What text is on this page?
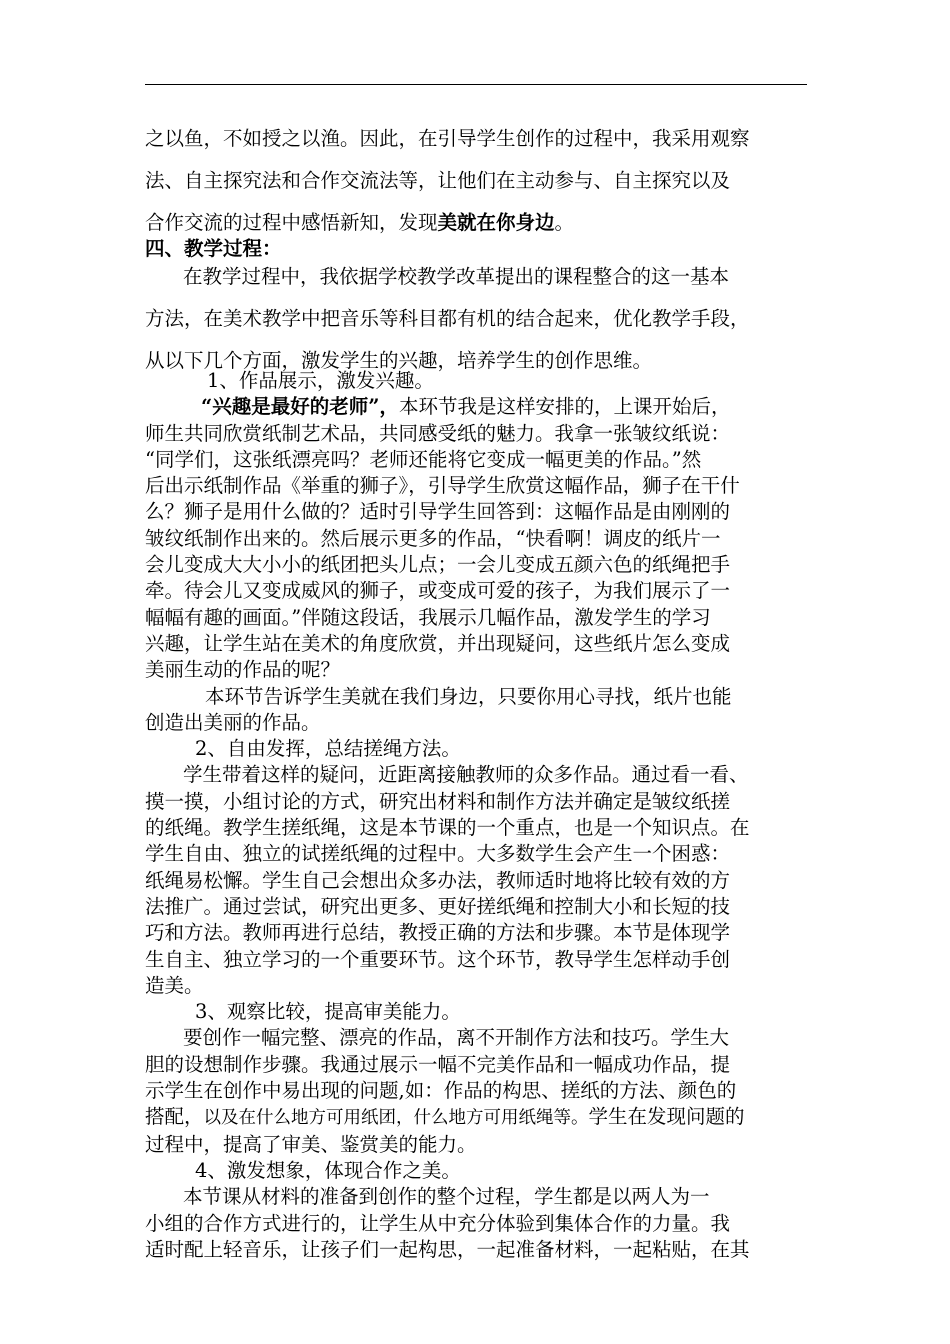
之以鱼，不如授之以渔。因此，在引导学生创作的过程中，我采用观察
法、自主探究法和合作交流法等，让他们在主动参与、自主探究以及
合作交流的过程中感悟新知，发现美就在你身边。
四、教学过程：
在教学过程中，我依据学校教学改革提出的课程整合的这一基本
方法，在美术教学中把音乐等科目都有机的结合起来，优化教学手段，
从以下几个方面，激发学生的兴趣，培养学生的创作思维。
1、作品展示，激发兴趣。
“兴趣是最好的老师”，本环节我是这样安排的，上课开始后，
师生共同欣赏纸制艺术品，共同感受纸的魅力。我拿一张皱纹纸说：
“同学们，这张纸漂亮吗？老师还能将它变成一幅更美的作品。”然
后出示纸制作品《举重的狮子》，引导学生欣赏这幅作品，狮子在干什
么？狮子是用什么做的？适时引导学生回答到：这幅作品是由刚刚的
皱纹纸制作出来的。然后展示更多的作品，“快看啊！调皮的纸片一
会儿变成大大小小的纸团把头儿点；一会儿变成五颜六色的纸绳把手
牵。待会儿又变成威风的狮子，或变成可爱的孩子，为我们展示了一
幅幅有趣的画面。”伴随这段话，我展示几幅作品，激发学生的学习
兴趣，让学生站在美术的角度欣赏，并出现疑问，这些纸片怎么变成
美丽生动的作品的呢？
本环节告诉学生美就在我们身边，只要你用心寻找，纸片也能
创造出美丽的作品。
2、自由发挥，总结搓绳方法。
学生带着这样的疑问，近距离接触教师的众多作品。通过看一看、
摸一摸，小组讨论的方式，研究出材料和制作方法并确定是皱纹纸搓
的纸绳。教学生搓纸绳，这是本节课的一个重点，也是一个知识点。在
学生自由、独立的试搓纸绳的过程中。大多数学生会产生一个困惑：
纸绳易松懈。学生自己会想出众多办法，教师适时地将比较有效的方
法推广。通过尝试，研究出更多、更好搓纸绳和控制大小和长短的技
巧和方法。教师再进行总结，教授正确的方法和步骤。本节是体现学
生自主、独立学习的一个重要环节。这个环节，教导学生怎样动手创
造美。
3、观察比较，提高审美能力。
要创作一幅完整、漂亮的作品，离不开制作方法和技巧。学生大
胆的设想制作步骤。我通过展示一幅不完美作品和一幅成功作品，提
示学生在创作中易出现的问题,如：作品的构思、搓纸的方法、颜色的
搭配，以及在什么地方可用纸团，什么地方可用纸绳等。学生在发现问题的
过程中，提高了审美、鉴赏美的能力。
4、激发想象，体现合作之美。
本节课从材料的准备到创作的整个过程，学生都是以两人为一
小组的合作方式进行的，让学生从中充分体验到集体合作的力量。我
适时配上轻音乐，让孩子们一起构思，一起准备材料，一起粘贴，在其
